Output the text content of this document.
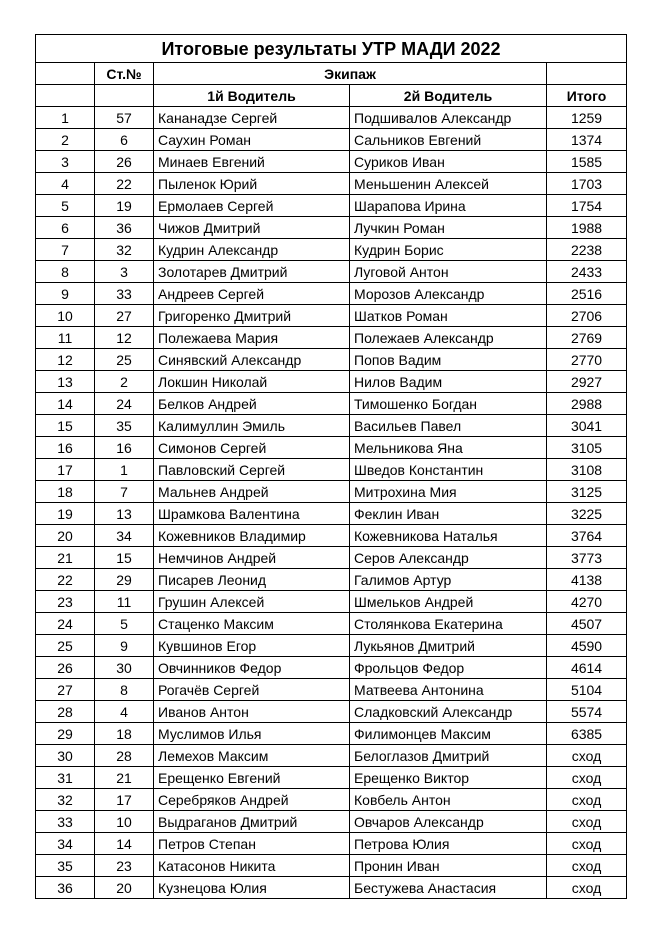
Итоговые результаты УТР МАДИ 2022				
	Ст.№	Экипаж		
		1й Водитель	2й Водитель	Итого
1	57	Кананадзе Сергей	Подшивалов Александр	1259
2	6	Саухин Роман	Сальников Евгений	1374
3	26	Минаев Евгений	Суриков Иван	1585
4	22	Пыленок Юрий	Меньшенин Алексей	1703
5	19	Ермолаев Сергей	Шарапова Ирина	1754
6	36	Чижов Дмитрий	Лучкин Роман	1988
7	32	Кудрин Александр	Кудрин Борис	2238
8	3	Золотарев Дмитрий	Луговой Антон	2433
9	33	Андреев Сергей	Морозов Александр	2516
10	27	Григоренко Дмитрий	Шатков Роман	2706
11	12	Полежаева Мария	Полежаев Александр	2769
12	25	Синявский Александр	Попов Вадим	2770
13	2	Локшин Николай	Нилов Вадим	2927
14	24	Белков Андрей	Тимошенко Богдан	2988
15	35	Калимуллин Эмиль	Васильев Павел	3041
16	16	Симонов Сергей	Мельникова Яна	3105
17	1	Павловский Сергей	Шведов Константин	3108
18	7	Мальнев Андрей	Митрохина Мия	3125
19	13	Шрамкова Валентина	Феклин Иван	3225
20	34	Кожевников Владимир	Кожевникова Наталья	3764
21	15	Немчинов Андрей	Серов Александр	3773
22	29	Писарев Леонид	Галимов Артур	4138
23	11	Грушин Алексей	Шмельков Андрей	4270
24	5	Стаценко Максим	Столянкова Екатерина	4507
25	9	Кувшинов Егор	Лукьянов Дмитрий	4590
26	30	Овчинников Федор	Фрольцов Федор	4614
27	8	Рогачёв Сергей	Матвеева Антонина	5104
28	4	Иванов Антон	Сладковский Александр	5574
29	18	Муслимов Илья	Филимонцев Максим	6385
30	28	Лемехов Максим	Белоглазов Дмитрий	сход
31	21	Ерещенко Евгений	Ерещенко Виктор	сход
32	17	Серебряков Андрей	Ковбель Антон	сход
33	10	Выдраганов Дмитрий	Овчаров Александр	сход
34	14	Петров Степан	Петрова Юлия	сход
35	23	Катасонов Никита	Пронин Иван	сход
36	20	Кузнецова Юлия	Бестужева Анастасия	сход
